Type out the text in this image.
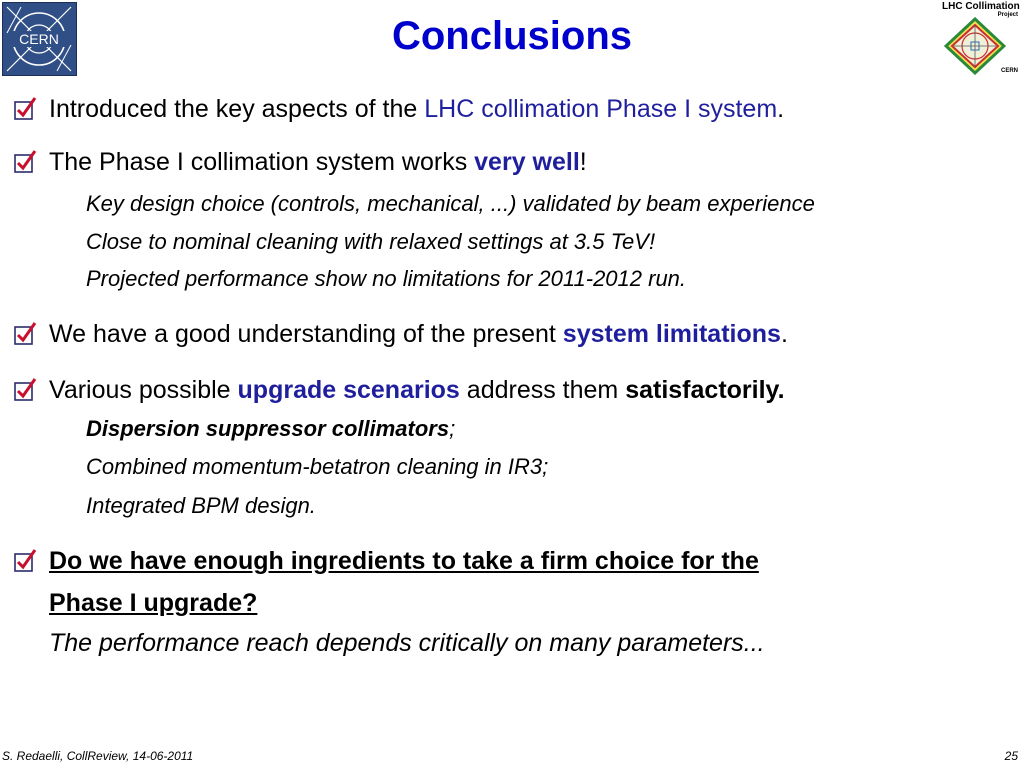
CERN	Conclusions
LHC Collimation
Project
CERN
Introduced the key aspects of the LHC collimation Phase I system.
The Phase I collimation system works very well!
Key design choice (controls, mechanical, ...) validated by beam experience
Close to nominal cleaning with relaxed settings at 3.5 TeV!
Projected performance show no limitations for 2011-2012 run.
We have a good understanding of the present system limitations.
Various possible upgrade scenarios address them satisfactorily.
Dispersion suppressor collimators;
Combined momentum-betatron cleaning in IR3;
Integrated BPM design.
Do we have enough ingredients to take a firm choice for the
Phase I upgrade?
The performance reach depends critically on many parameters...
S. Redaelli, CollReview, 14-06-2011	25
